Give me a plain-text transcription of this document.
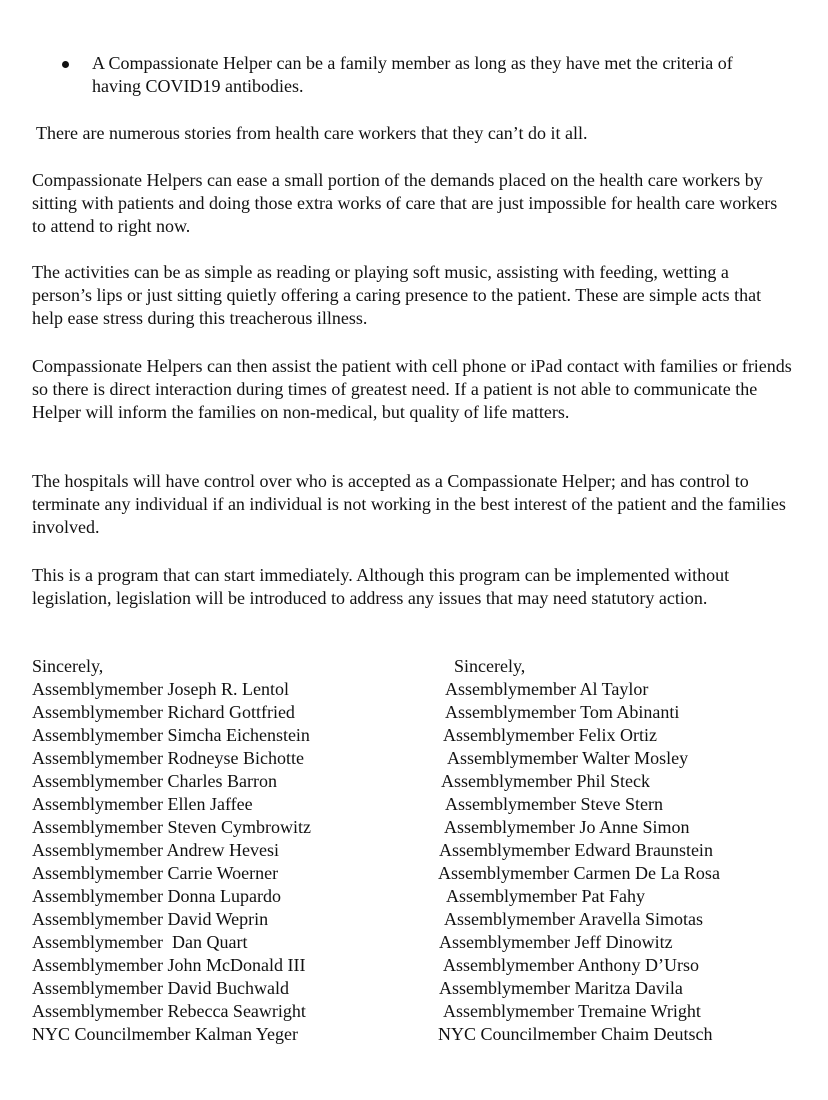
A Compassionate Helper can be a family member as long as they have met the criteria of having COVID19 antibodies.

There are numerous stories from health care workers that they can’t do it all.

Compassionate Helpers can ease a small portion of the demands placed on the health care workers by sitting with patients and doing those extra works of care that are just impossible for health care workers to attend to right now.

The activities can be as simple as reading or playing soft music, assisting with feeding, wetting a person’s lips or just sitting quietly offering a caring presence to the patient. These are simple acts that help ease stress during this treacherous illness.

Compassionate Helpers can then assist the patient with cell phone or iPad contact with families or friends so there is direct interaction during times of greatest need. If a patient is not able to communicate the Helper will inform the families on non-medical, but quality of life matters.

The hospitals will have control over who is accepted as a Compassionate Helper; and has control to terminate any individual if an individual is not working in the best interest of the patient and the families involved.

This is a program that can start immediately. Although this program can be implemented without legislation, legislation will be introduced to address any issues that may need statutory action.

Sincerely,
Assemblymember Joseph R. Lentol
Assemblymember Richard Gottfried
Assemblymember Simcha Eichenstein
Assemblymember Rodneyse Bichotte
Assemblymember Charles Barron
Assemblymember Ellen Jaffee
Assemblymember Steven Cymbrowitz
Assemblymember Andrew Hevesi
Assemblymember Carrie Woerner
Assemblymember Donna Lupardo
Assemblymember David Weprin
Assemblymember  Dan Quart
Assemblymember John McDonald III
Assemblymember David Buchwald
Assemblymember Rebecca Seawright
NYC Councilmember Kalman Yeger
Sincerely,
Assemblymember Al Taylor
Assemblymember Tom Abinanti
Assemblymember Felix Ortiz
Assemblymember Walter Mosley
Assemblymember Phil Steck
Assemblymember Steve Stern
Assemblymember Jo Anne Simon
Assemblymember Edward Braunstein
Assemblymember Carmen De La Rosa
Assemblymember Pat Fahy
Assemblymember Aravella Simotas
Assemblymember Jeff Dinowitz
Assemblymember Anthony D’Urso
Assemblymember Maritza Davila
Assemblymember Tremaine Wright
NYC Councilmember Chaim Deutsch
